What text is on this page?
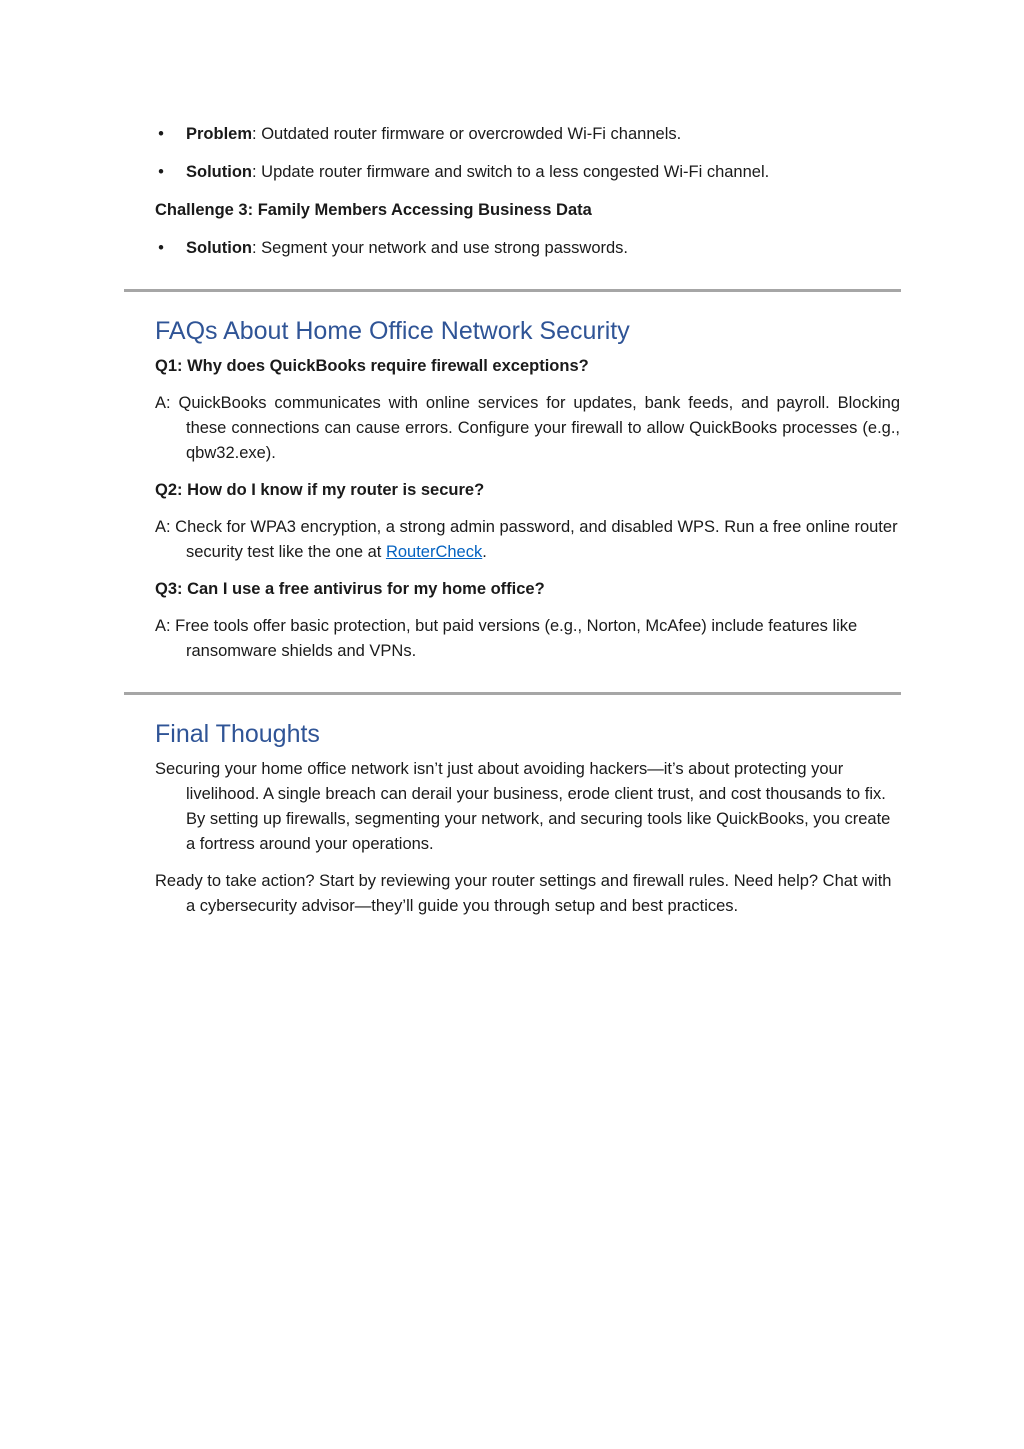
• Problem: Outdated router firmware or overcrowded Wi-Fi channels.
• Solution: Update router firmware and switch to a less congested Wi-Fi channel.
Challenge 3: Family Members Accessing Business Data
• Solution: Segment your network and use strong passwords.
FAQs About Home Office Network Security
Q1: Why does QuickBooks require firewall exceptions?
A: QuickBooks communicates with online services for updates, bank feeds, and payroll. Blocking these connections can cause errors. Configure your firewall to allow QuickBooks processes (e.g., qbw32.exe).
Q2: How do I know if my router is secure?
A: Check for WPA3 encryption, a strong admin password, and disabled WPS. Run a free online router security test like the one at RouterCheck.
Q3: Can I use a free antivirus for my home office?
A: Free tools offer basic protection, but paid versions (e.g., Norton, McAfee) include features like ransomware shields and VPNs.
Final Thoughts
Securing your home office network isn’t just about avoiding hackers—it’s about protecting your livelihood. A single breach can derail your business, erode client trust, and cost thousands to fix. By setting up firewalls, segmenting your network, and securing tools like QuickBooks, you create a fortress around your operations.
Ready to take action? Start by reviewing your router settings and firewall rules. Need help? Chat with a cybersecurity advisor—they’ll guide you through setup and best practices.
